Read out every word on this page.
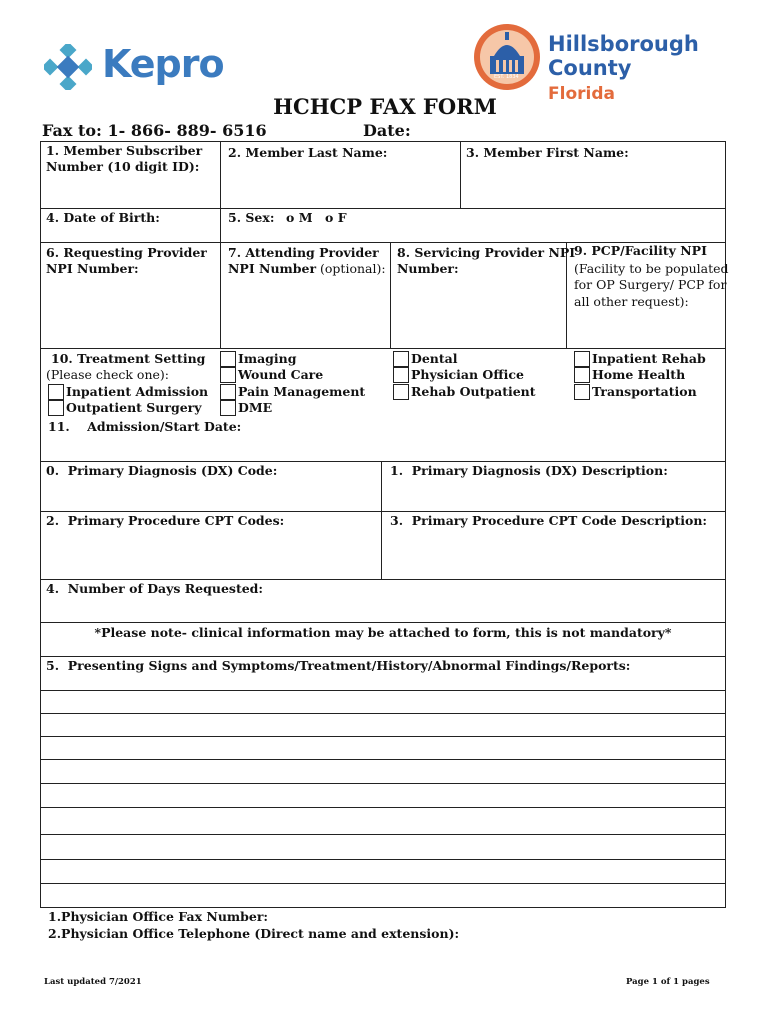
Kepro	EST. 1834
Hillsborough
County Florida
HCHCP FAX FORM
Fax to: 1- 866- 889- 6516	Date:
1. Member Subscriber
Number (10 digit ID):
2. Member Last Name:	3. Member First Name:
4. Date of Birth:	5. Sex: o M o F
6. Requesting Provider
NPI Number:
7. Attending Provider
NPI Number (optional):
8. Servicing Provider NPI
Number:
9. PCP/Facility NPI
(Facility to be populated
for OP Surgery/ PCP for
all other request):
10. Treatment Setting
(Please check one):
Inpatient Admission
Outpatient Surgery
Imaging
Wound Care
Pain Management
DME
Dental
Physician Office
Rehab Outpatient
Inpatient Rehab
Home Health
Transportation
11.    Admission/Start Date:
0.  Primary Diagnosis (DX) Code:	1.  Primary Diagnosis (DX) Description:
2.  Primary Procedure CPT Codes:	3.  Primary Procedure CPT Code Description:
4.  Number of Days Requested:
*Please note- clinical information may be attached to form, this is not mandatory*
5.  Presenting Signs and Symptoms/Treatment/History/Abnormal Findings/Reports:
1.Physician Office Fax Number:
2.Physician Office Telephone (Direct name and extension):
Last updated 7/2021	Page 1 of 1 pages
